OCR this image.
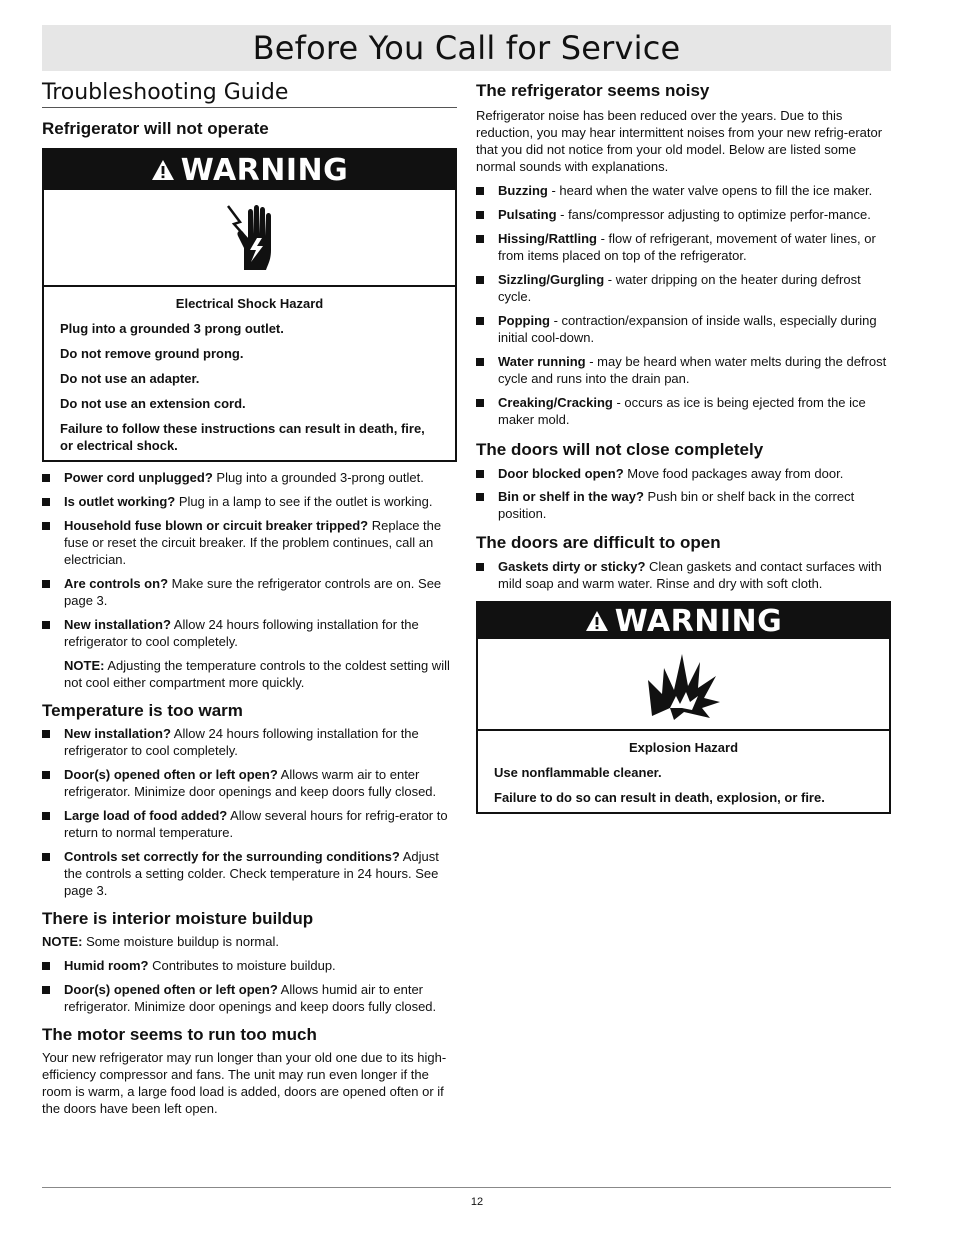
Before You Call for Service
Troubleshooting Guide
Refrigerator will not operate
WARNING
Electrical Shock Hazard
Plug into a grounded 3 prong outlet.
Do not remove ground prong.
Do not use an adapter.
Do not use an extension cord.
Failure to follow these instructions can result in death, fire, or electrical shock.
Power cord unplugged? Plug into a grounded 3-prong outlet.
Is outlet working? Plug in a lamp to see if the outlet is working.
Household fuse blown or circuit breaker tripped? Replace the fuse or reset the circuit breaker. If the problem continues, call an electrician.
Are controls on? Make sure the refrigerator controls are on. See page 3.
New installation? Allow 24 hours following installation for the refrigerator to cool completely.
NOTE: Adjusting the temperature controls to the coldest setting will not cool either compartment more quickly.
Temperature is too warm
New installation? Allow 24 hours following installation for the refrigerator to cool completely.
Door(s) opened often or left open? Allows warm air to enter refrigerator. Minimize door openings and keep doors fully closed.
Large load of food added? Allow several hours for refrig-erator to return to normal temperature.
Controls set correctly for the surrounding conditions? Adjust the controls a setting colder. Check temperature in 24 hours. See page 3.
There is interior moisture buildup

NOTE: Some moisture buildup is normal.

Humid room? Contributes to moisture buildup.
Door(s) opened often or left open? Allows humid air to enter refrigerator. Minimize door openings and keep doors fully closed.
The motor seems to run too much

Your new refrigerator may run longer than your old one due to its high-efficiency compressor and fans. The unit may run even longer if the room is warm, a large food load is added, doors are opened often or if the doors have been left open.

The refrigerator seems noisy

Refrigerator noise has been reduced over the years. Due to this reduction, you may hear intermittent noises from your new refrig-erator that you did not notice from your old model. Below are listed some normal sounds with explanations.

Buzzing - heard when the water valve opens to fill the ice maker.
Pulsating - fans/compressor adjusting to optimize perfor-mance.
Hissing/Rattling - flow of refrigerant, movement of water lines, or from items placed on top of the refrigerator.
Sizzling/Gurgling - water dripping on the heater during defrost cycle.
Popping - contraction/expansion of inside walls, especially during initial cool-down.
Water running - may be heard when water melts during the defrost cycle and runs into the drain pan.
Creaking/Cracking - occurs as ice is being ejected from the ice maker mold.
The doors will not close completely
Door blocked open? Move food packages away from door.
Bin or shelf in the way? Push bin or shelf back in the correct position.
The doors are difficult to open
Gaskets dirty or sticky? Clean gaskets and contact surfaces with mild soap and warm water. Rinse and dry with soft cloth.
WARNING
Explosion Hazard
Use nonflammable cleaner.
Failure to do so can result in death, explosion, or fire.
12
